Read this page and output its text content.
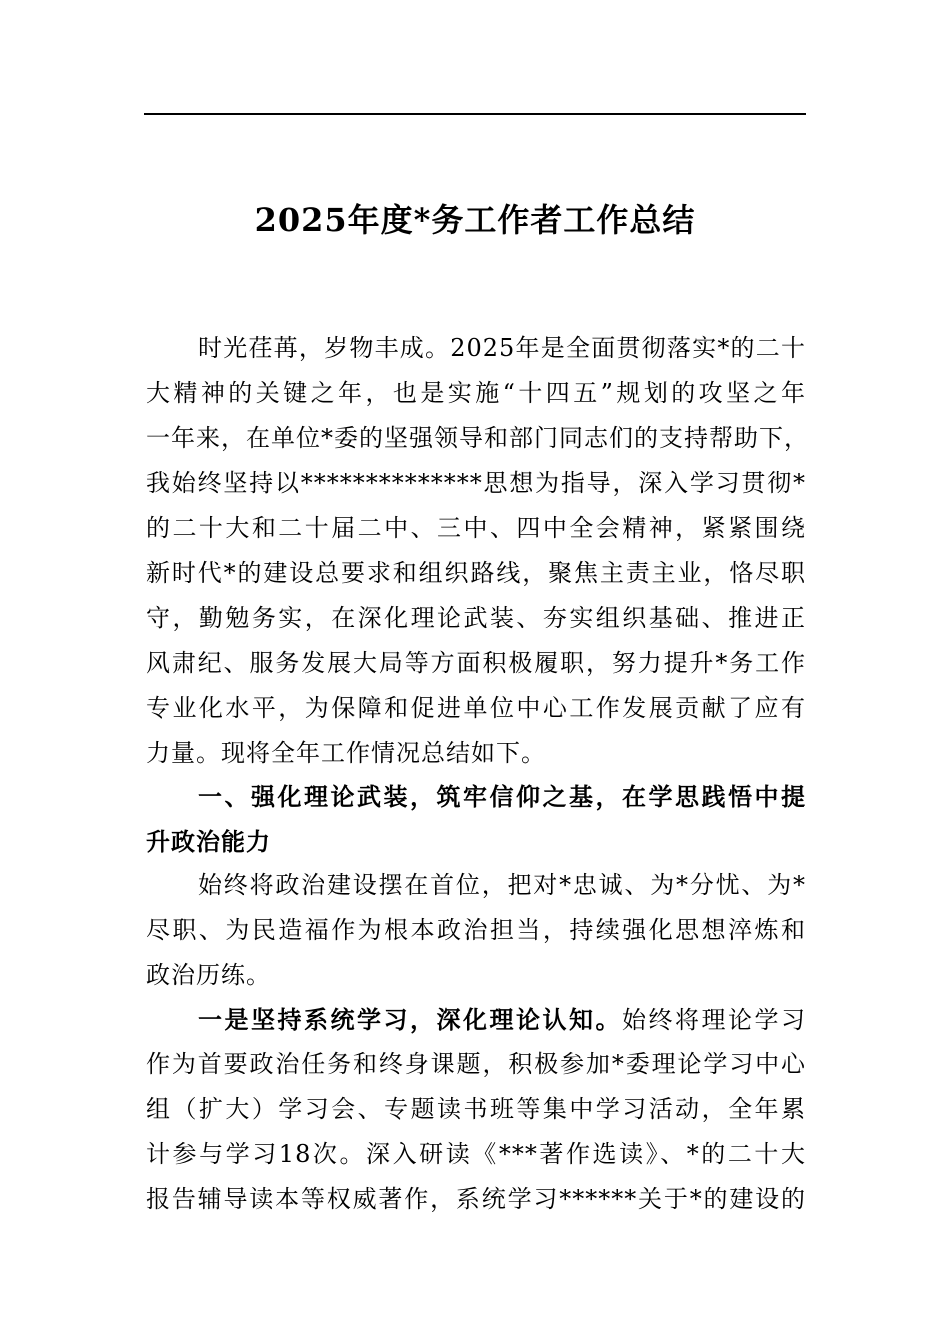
2025年度*务工作者工作总结
时光荏苒，岁物丰成。2025年是全面贯彻落实*的二十
大精神的关键之年，也是实施“十四五”规划的攻坚之年
一年来，在单位*委的坚强领导和部门同志们的支持帮助下，
我始终坚持以**************思想为指导，深入学习贯彻*
的二十大和二十届二中、三中、四中全会精神，紧紧围绕
新时代*的建设总要求和组织路线，聚焦主责主业，恪尽职
守，勤勉务实，在深化理论武装、夯实组织基础、推进正
风肃纪、服务发展大局等方面积极履职，努力提升*务工作
专业化水平，为保障和促进单位中心工作发展贡献了应有
力量。现将全年工作情况总结如下。
一、强化理论武装，筑牢信仰之基，在学思践悟中提
升政治能力
始终将政治建设摆在首位，把对*忠诚、为*分忧、为*
尽职、为民造福作为根本政治担当，持续强化思想淬炼和
政治历练。
一是坚持系统学习，深化理论认知。始终将理论学习
作为首要政治任务和终身课题，积极参加*委理论学习中心
组（扩大）学习会、专题读书班等集中学习活动，全年累
计参与学习18次。深入研读《***著作选读》、*的二十大
报告辅导读本等权威著作，系统学习******关于*的建设的
